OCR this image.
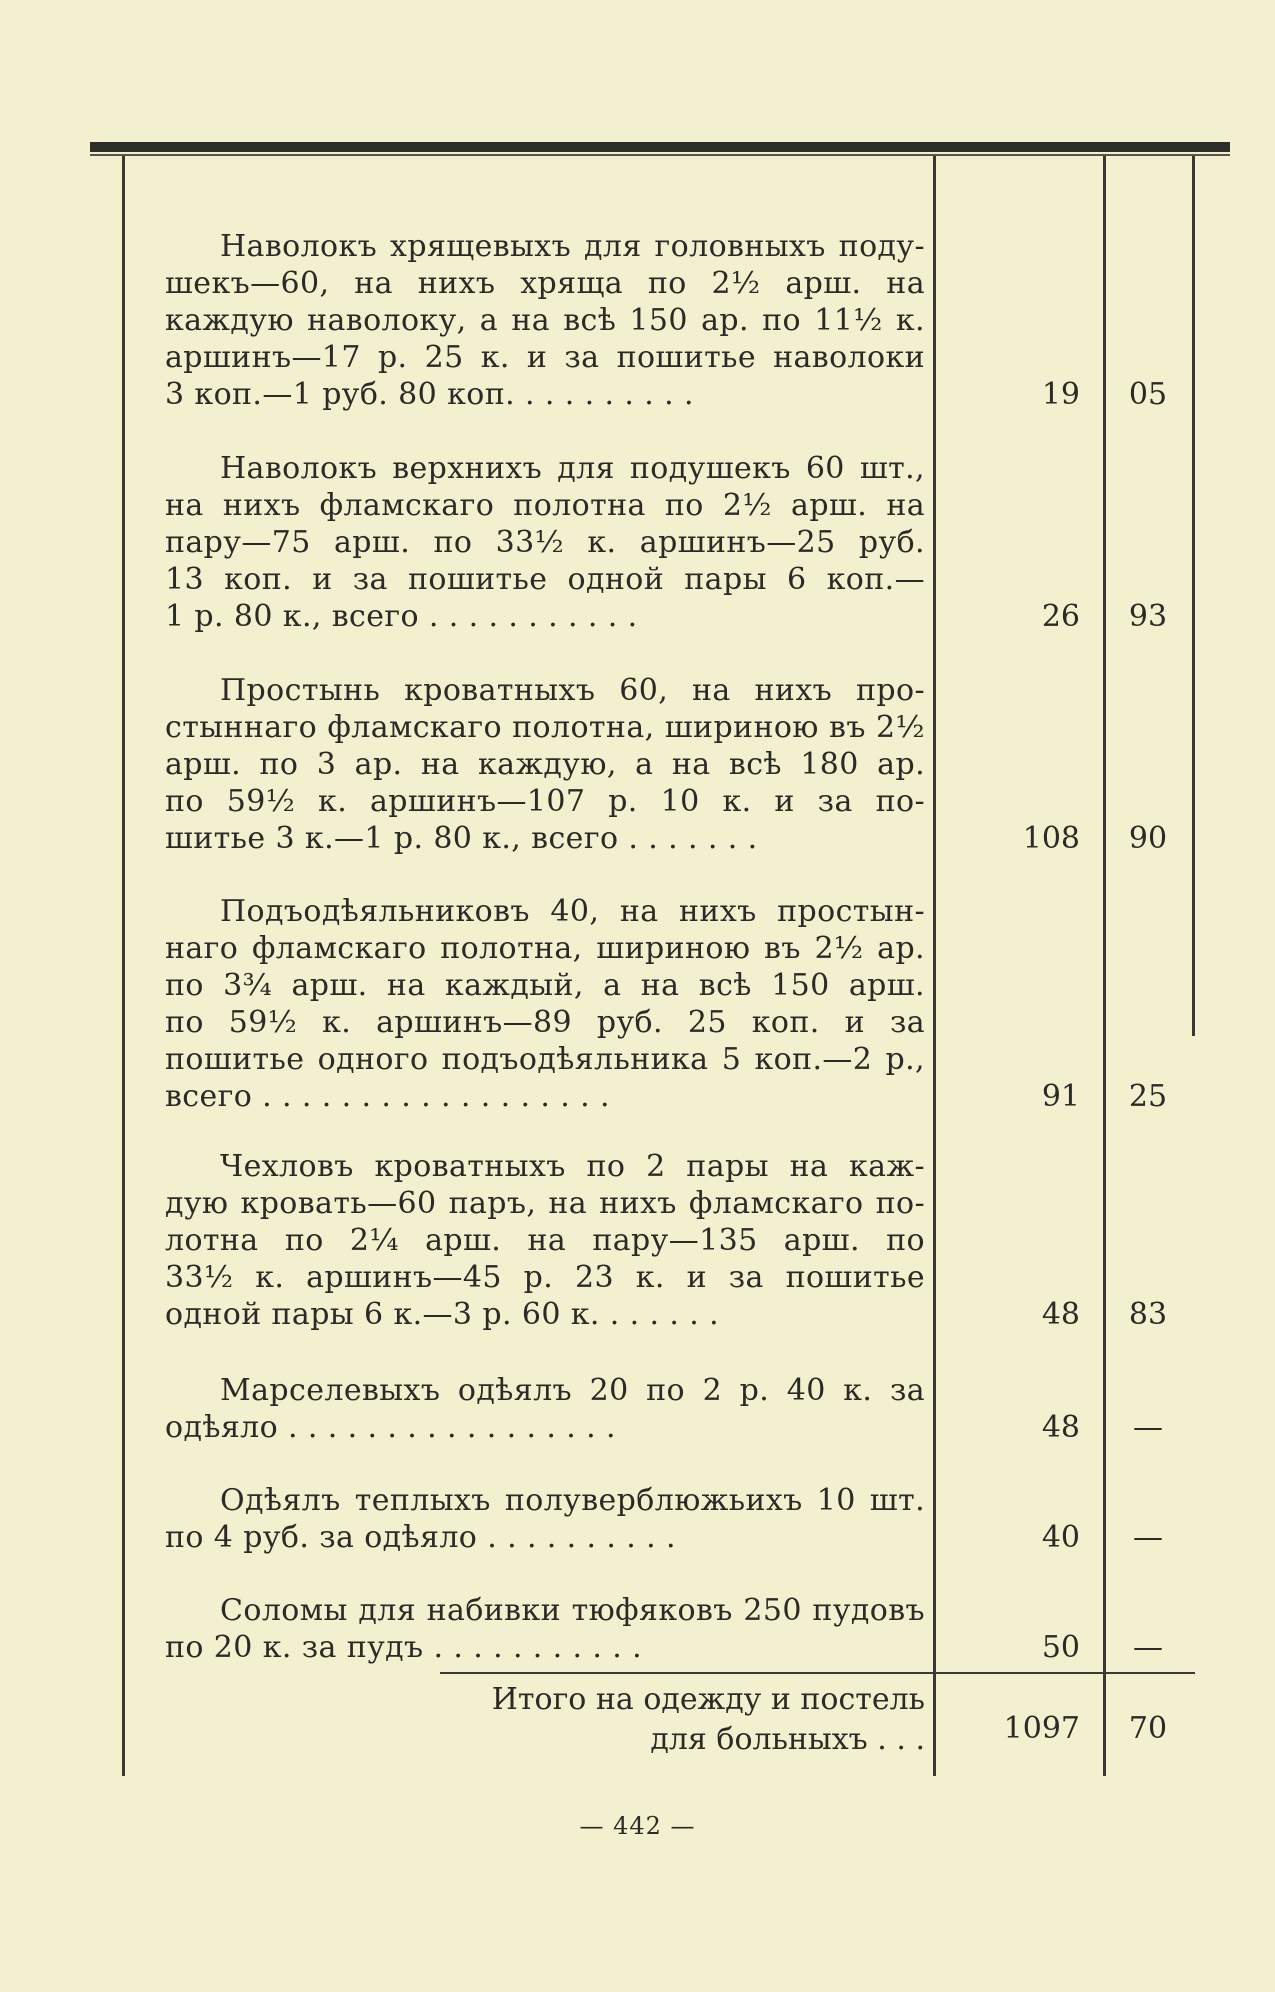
Наволокъ хрящевыхъ для головныхъ поду-
шекъ—60, на нихъ хряща по 2½ арш. на
каждую наволоку, а на всѣ 150 ар. по 11½ к.
аршинъ—17 р. 25 к. и за пошитье наволоки
3 коп.—1 руб. 80 коп. . . . . . . . . .	19	05
Наволокъ верхнихъ для подушекъ 60 шт.,
на нихъ фламскаго полотна по 2½ арш. на
пару—75 арш. по 33½ к. аршинъ—25 руб.
13 коп. и за пошитье одной пары 6 коп.—
1 р. 80 к., всего . . . . . . . . . . .	26	93
Простынь кроватныхъ 60, на нихъ про-
стыннаго фламскаго полотна, шириною въ 2½
арш. по 3 ар. на каждую, а на всѣ 180 ар.
по 59½ к. аршинъ—107 р. 10 к. и за по-
шитье 3 к.—1 р. 80 к., всего . . . . . . .	108	90
Подъодѣяльниковъ 40, на нихъ простын-
наго фламскаго полотна, шириною въ 2½ ар.
по 3¾ арш. на каждый, а на всѣ 150 арш.
по 59½ к. аршинъ—89 руб. 25 коп. и за
пошитье одного подъодѣяльника 5 коп.—2 р.,
всего . . . . . . . . . . . . . . . . . .	91	25
Чехловъ кроватныхъ по 2 пары на каж-
дую кровать—60 паръ, на нихъ фламскаго по-
лотна по 2¼ арш. на пару—135 арш. по
33½ к. аршинъ—45 р. 23 к. и за пошитье
одной пары 6 к.—3 р. 60 к. . . . . . .	48	83
Марселевыхъ одѣялъ 20 по 2 р. 40 к. за
одѣяло . . . . . . . . . . . . . . . . .	48	—
Одѣялъ теплыхъ полуверблюжьихъ 10 шт.
по 4 руб. за одѣяло . . . . . . . . . .	40	—
Соломы для набивки тюфяковъ 250 пудовъ
по 20 к. за пудъ . . . . . . . . . . .	50	—
Итого на одежду и постель
для больныхъ . . .	1097	70
— 442 —
